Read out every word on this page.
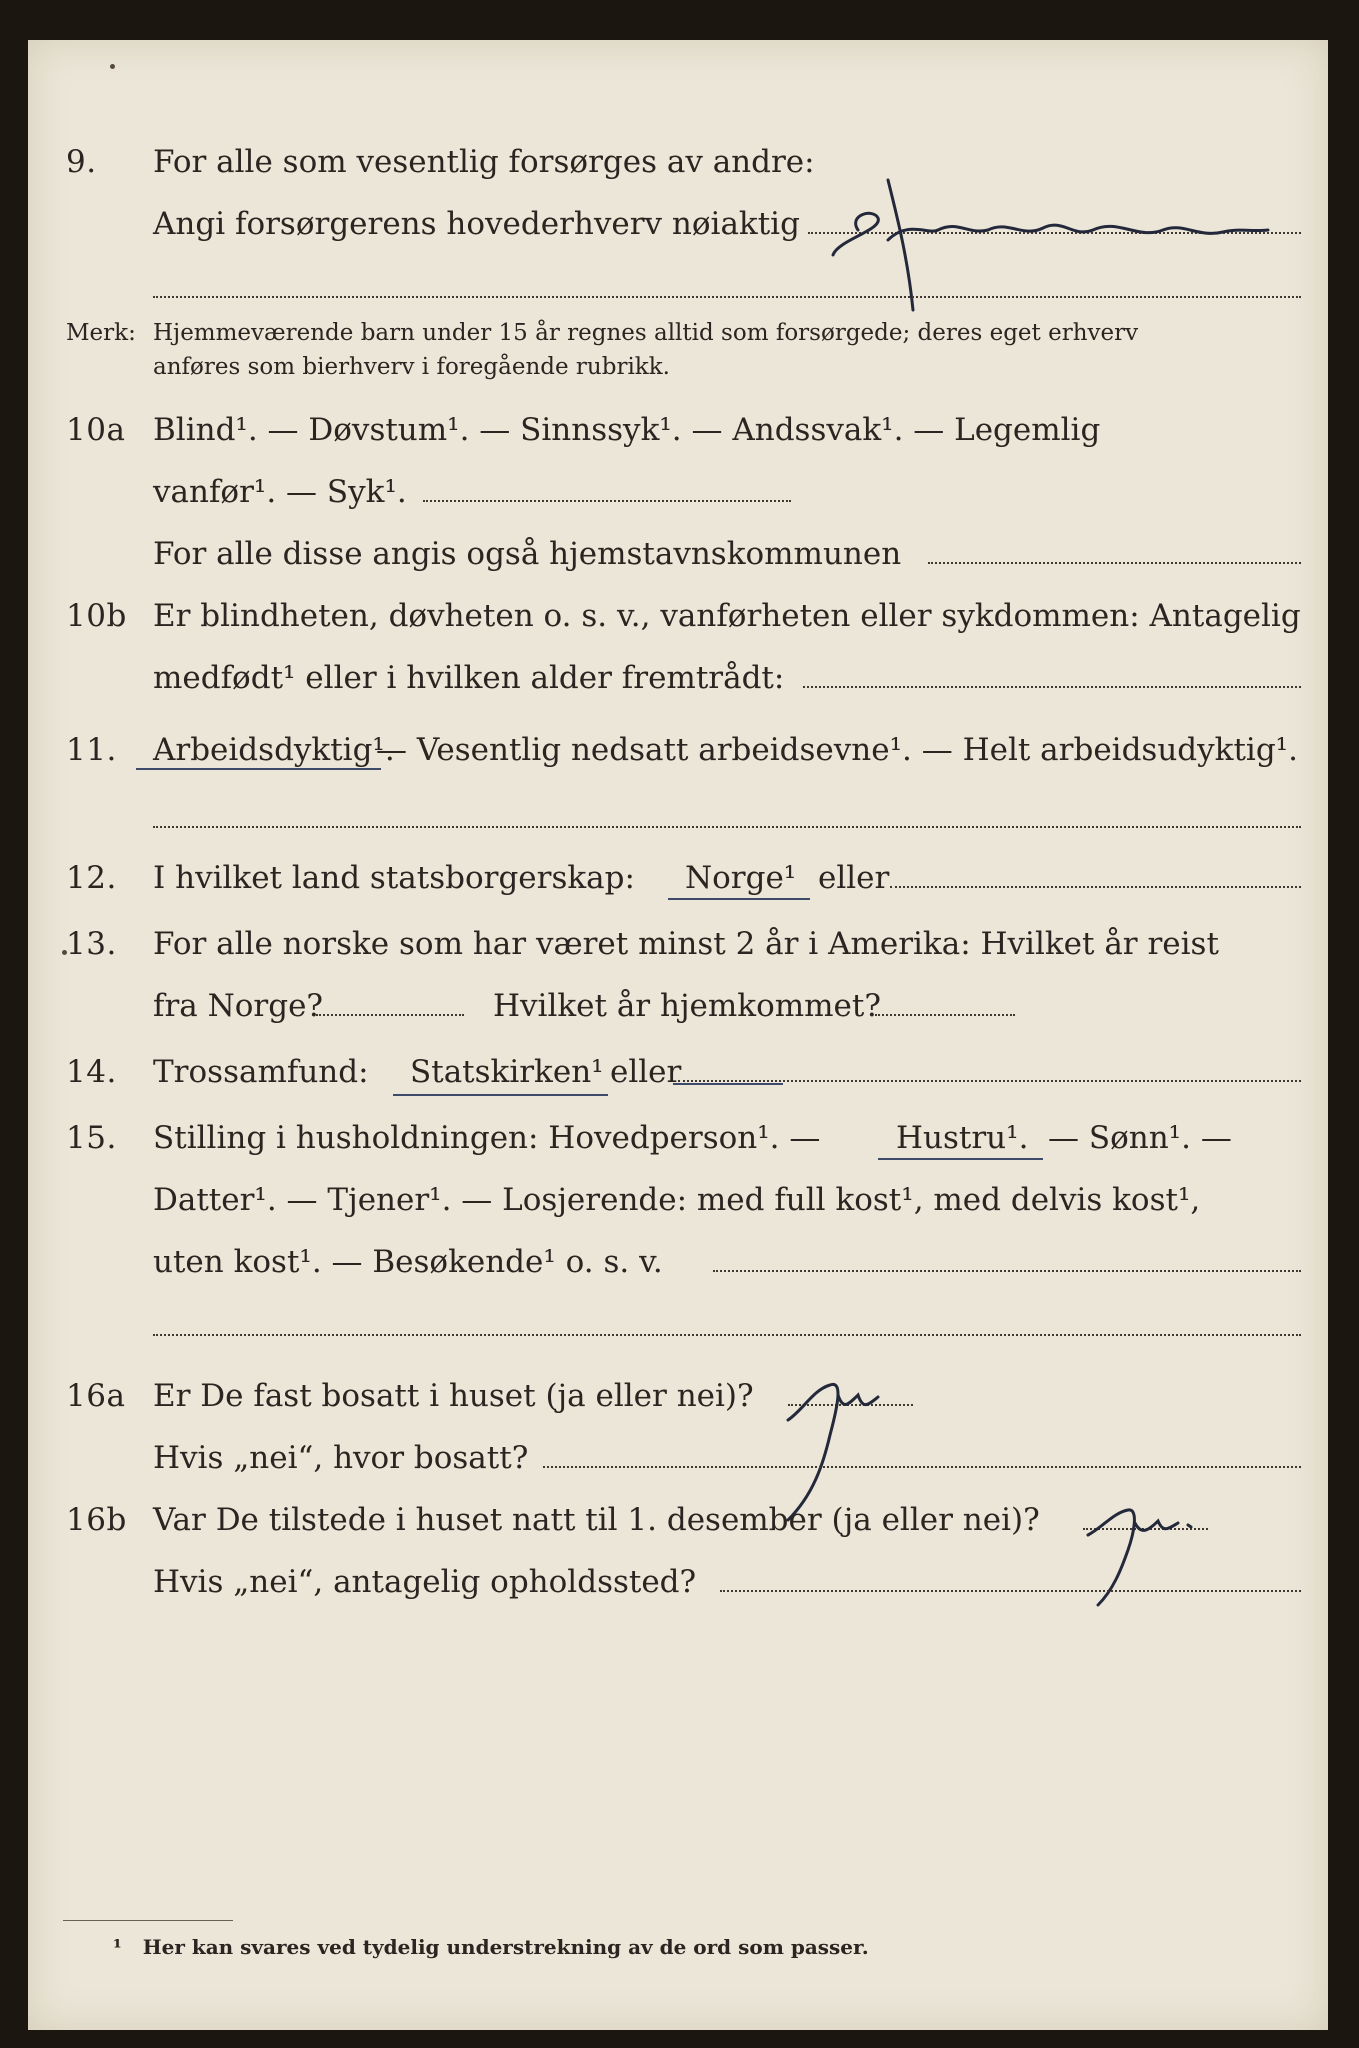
9. For alle som vesentlig forsørges av andre:
Angi forsørgerens hovederhverv nøiaktig
Merk: Hjemmeværende barn under 15 år regnes alltid som forsørgede; deres eget erhverv
anføres som bierhverv i foregående rubrikk.
10a Blind¹. — Døvstum¹. — Sinnssyk¹. — Andssvak¹. — Legemlig
vanfør¹. — Syk¹.
For alle disse angis også hjemstavnskommunen
10b Er blindheten, døvheten o. s. v., vanførheten eller sykdommen: Antagelig
medfødt¹ eller i hvilken alder fremtrådt:
11. Arbeidsdyktig¹.
— Vesentlig nedsatt arbeidsevne¹. — Helt arbeidsudyktig¹.
12. I hvilket land statsborgerskap: Norge¹ eller
13. For alle norske som har været minst 2 år i Amerika: Hvilket år reist
fra Norge?	Hvilket år hjemkommet?
14. Trossamfund: Statskirken¹ eller
15. Stilling i husholdningen: Hovedperson¹. — Hustru¹. — Sønn¹. —
Datter¹. — Tjener¹. — Losjerende: med full kost¹, med delvis kost¹,
uten kost¹. — Besøkende¹ o. s. v.
16a Er De fast bosatt i huset (ja eller nei)?
Hvis „nei“, hvor bosatt?
16b Var De tilstede i huset natt til 1. desember (ja eller nei)?
Hvis „nei“, antagelig opholdssted?
¹ Her kan svares ved tydelig understrekning av de ord som passer.
